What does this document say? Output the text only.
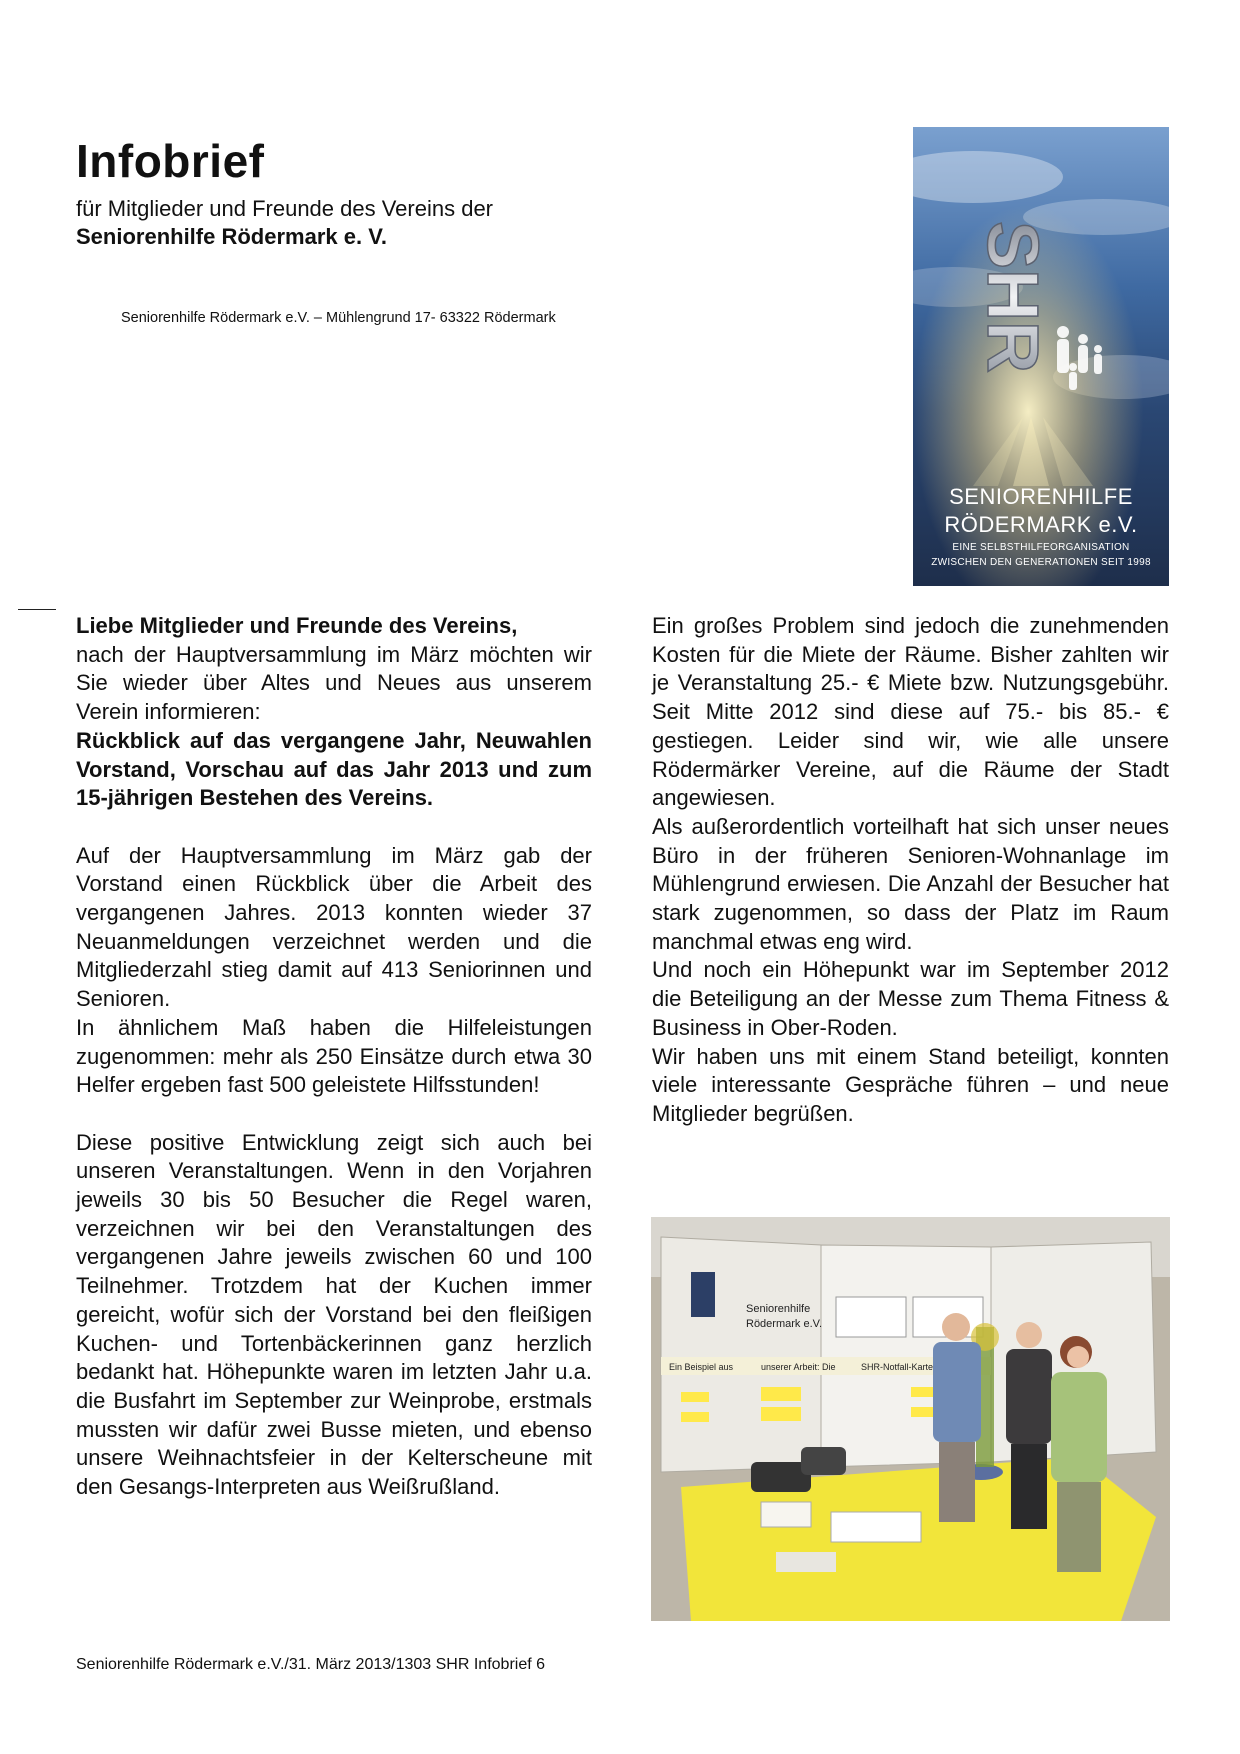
Infobrief
für Mitglieder und Freunde des Vereins der
Seniorenhilfe Rödermark e. V.
Seniorenhilfe Rödermark e.V. – Mühlengrund 17- 63322 Rödermark	SHR
SENIORENHILFE
RÖDERMARK e.V.
EINE SELBSTHILFEORGANISATION
ZWISCHEN DEN GENERATIONEN SEIT 1998

Liebe Mitglieder und Freunde des Vereins,

nach der Hauptversammlung im März möchten wir Sie wieder über Altes und Neues aus unserem Verein informieren:

Rückblick auf das vergangene Jahr, Neuwahlen Vorstand, Vorschau auf das Jahr 2013 und zum 15-jährigen Bestehen des Vereins.

Auf der Hauptversammlung im März gab der Vorstand einen Rückblick über die Arbeit des vergangenen Jahres. 2013 konnten wieder 37 Neuanmeldungen verzeichnet werden und die Mitgliederzahl stieg damit auf 413 Seniorinnen und Senioren.

In ähnlichem Maß haben die Hilfeleistungen zugenommen: mehr als 250 Einsätze durch etwa 30 Helfer ergeben fast 500 geleistete Hilfsstunden!

Diese positive Entwicklung zeigt sich auch bei unseren Veranstaltungen. Wenn in den Vorjahren jeweils 30 bis 50 Besucher die Regel waren, verzeichnen wir bei den Veranstaltungen des vergangenen Jahre jeweils zwischen 60 und 100 Teilnehmer. Trotzdem hat der Kuchen immer gereicht, wofür sich der Vorstand bei den fleißigen Kuchen- und Tortenbäckerinnen ganz herzlich bedankt hat. Höhepunkte waren im letzten Jahr u.a. die Busfahrt im September zur Weinprobe, erstmals mussten wir dafür zwei Busse mieten, und ebenso unsere Weihnachtsfeier in der Kelterscheune mit den Gesangs-Interpreten aus Weißrußland.

Ein großes Problem sind jedoch die zunehmenden Kosten für die Miete der Räume. Bisher zahlten wir je Veranstaltung 25.- € Miete bzw. Nutzungsgebühr. Seit Mitte 2012 sind diese auf 75.- bis 85.- € gestiegen. Leider sind wir, wie alle unsere Rödermärker Vereine, auf die Räume der Stadt angewiesen.

Als außerordentlich vorteilhaft hat sich unser neues Büro in der früheren Senioren-Wohnanlage im Mühlengrund erwiesen. Die Anzahl der Besucher hat stark zugenommen, so dass der Platz im Raum manchmal etwas eng wird.

Und noch ein Höhepunkt war im September 2012 die Beteiligung an der Messe zum Thema Fitness & Business in Ober-Roden.

Wir haben uns mit einem Stand beteiligt, konnten viele interessante Gespräche führen – und neue Mitglieder begrüßen.

Seniorenhilfe
Rödermark e.V.
Ein Beispiel aus	unserer Arbeit: Die	SHR-Notfall-Karte
Seniorenhilfe Rödermark e.V./31. März 2013/1303 SHR Infobrief 6
